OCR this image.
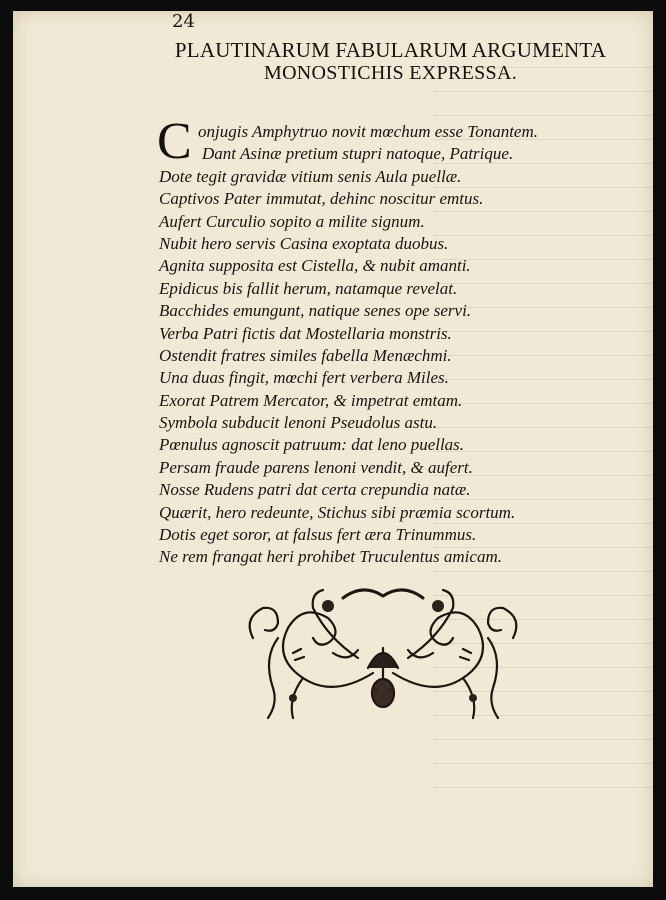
24
PLAUTINARUM FABULARUM ARGUMENTA
MONOSTICHIS EXPRESSA.
C onjugis Amphytruo novit mœchum esse Tonantem.
Dant Asinæ pretium stupri natoque, Patrique.
Dote tegit gravidæ vitium senis Aula puellæ.
Captivos Pater immutat, dehinc noscitur emtus.
Aufert Curculio sopito a milite signum.
Nubit hero servis Casina exoptata duobus.
Agnita supposita est Cistella, & nubit amanti.
Epidicus bis fallit herum, natamque revelat.
Bacchides emungunt, natique senes ope servi.
Verba Patri fictis dat Mostellaria monstris.
Ostendit fratres similes fabella Menæchmi.
Una duas fingit, mœchi fert verbera Miles.
Exorat Patrem Mercator, & impetrat emtam.
Symbola subducit lenoni Pseudolus astu.
Pœnulus agnoscit patruum: dat leno puellas.
Persam fraude parens lenoni vendit, & aufert.
Nosse Rudens patri dat certa crepundia natæ.
Quærit, hero redeunte, Stichus sibi præmia scortum.
Dotis eget soror, at falsus fert æra Trinummus.
Ne rem frangat heri prohibet Truculentus amicam.
